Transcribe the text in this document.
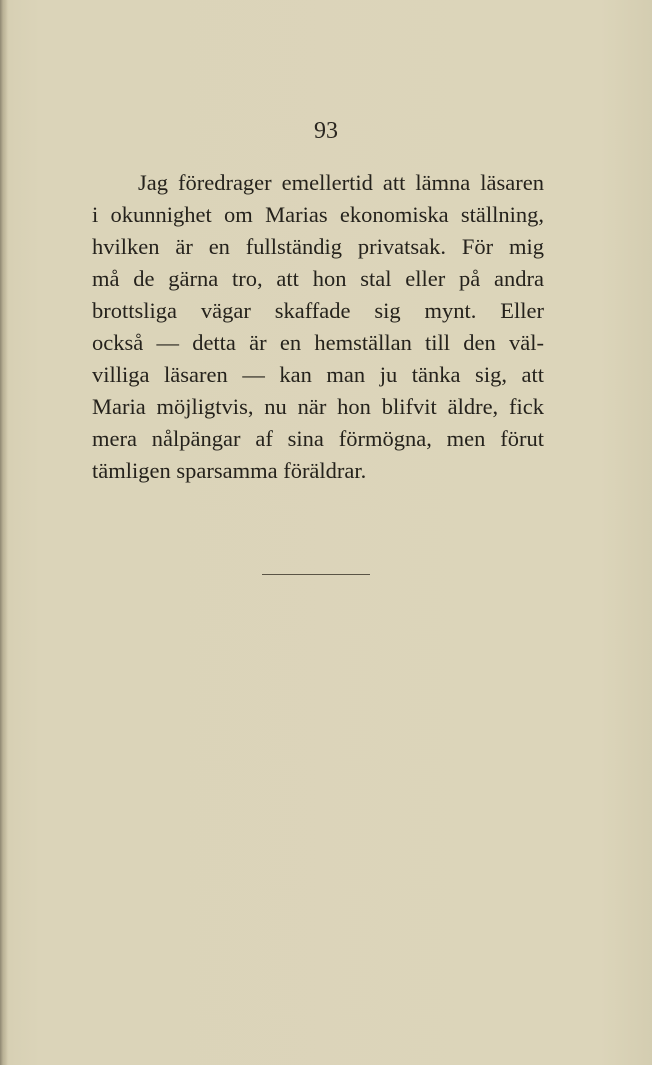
93

Jag föredrager emellertid att lämna läsaren
i okunnighet om Marias ekonomiska ställning,
hvilken är en fullständig privatsak. För mig
må de gärna tro, att hon stal eller på andra
brottsliga vägar skaffade sig mynt. Eller
också — detta är en hemställan till den väl-
villiga läsaren — kan man ju tänka sig, att
Maria möjligtvis, nu när hon blifvit äldre, fick
mera nålpängar af sina förmögna, men förut
tämligen sparsamma föräldrar.
